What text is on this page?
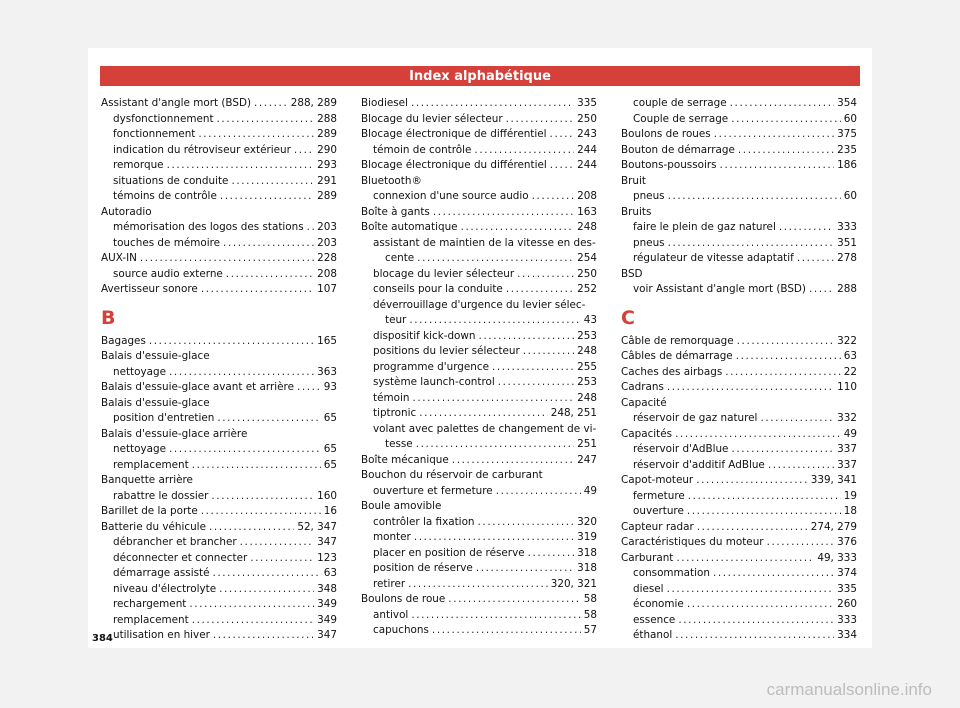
Index alphabétique
Assistant d'angle mort (BSD) .....	288, 289
dysfonctionnement .....	288
fonctionnement .....	289
indication du rétroviseur extérieur .....	290
remorque .....	293
situations de conduite .....	291
témoins de contrôle .....	289
Autoradio
mémorisation des logos des stations ..... 203
touches de mémoire .....	203
AUX-IN .....	228
source audio externe .....	208
Avertisseur sonore .....	107
B
Bagages .....	165
Balais d'essuie-glace
nettoyage .....	363
Balais d'essuie-glace avant et arrière .....	93
Balais d'essuie-glace
position d'entretien .....	65
Balais d'essuie-glace arrière
nettoyage .....	65
remplacement .....	65
Banquette arrière
rabattre le dossier .....	160
Barillet de la porte .....	16
Batterie du véhicule .....	52, 347
débrancher et brancher .....	347
déconnecter et connecter .....	123
démarrage assisté .....	63
niveau d'électrolyte .....	348
rechargement .....	349
remplacement .....	349
utilisation en hiver .....	347
Biodiesel .....	335
Blocage du levier sélecteur .....	250
Blocage électronique de différentiel .....	243
témoin de contrôle .....	244
Blocage électronique du différentiel .....	244
Bluetooth®
connexion d'une source audio .....	208
Boîte à gants .....	163
Boîte automatique .....	248
assistant de maintien de la vitesse en des-
cente .....	254
blocage du levier sélecteur .....	250
conseils pour la conduite .....	252
déverrouillage d'urgence du levier sélec-
teur .....	43
dispositif kick-down .....	253
positions du levier sélecteur .....	248
programme d'urgence .....	255
système launch-control .....	253
témoin .....	248
tiptronic .....	248, 251
volant avec palettes de changement de vi-
tesse .....	251
Boîte mécanique .....	247
Bouchon du réservoir de carburant
ouverture et fermeture .....	49
Boule amovible
contrôler la fixation .....	320
monter .....	319
placer en position de réserve .....	318
position de réserve .....	318
retirer .....	320, 321
Boulons de roue .....	58
antivol .....	58
capuchons .....	57
couple de serrage .....	354
Couple de serrage .....	60
Boulons de roues .....	375
Bouton de démarrage .....	235
Boutons-poussoirs .....	186
Bruit
pneus .....	60
Bruits
faire le plein de gaz naturel .....	333
pneus .....	351
régulateur de vitesse adaptatif .....	278
BSD
voir Assistant d'angle mort (BSD) .....	288
C
Câble de remorquage .....	322
Câbles de démarrage .....	63
Caches des airbags .....	22
Cadrans .....	110
Capacité
réservoir de gaz naturel .....	332
Capacités .....	49
réservoir d'AdBlue .....	337
réservoir d'additif AdBlue .....	337
Capot-moteur .....	339, 341
fermeture .....	19
ouverture .....	18
Capteur radar .....	274, 279
Caractéristiques du moteur .....	376
Carburant .....	49, 333
consommation .....	374
diesel .....	335
économie .....	260
essence .....	333
éthanol .....	334
384
carmanualsonline.info
